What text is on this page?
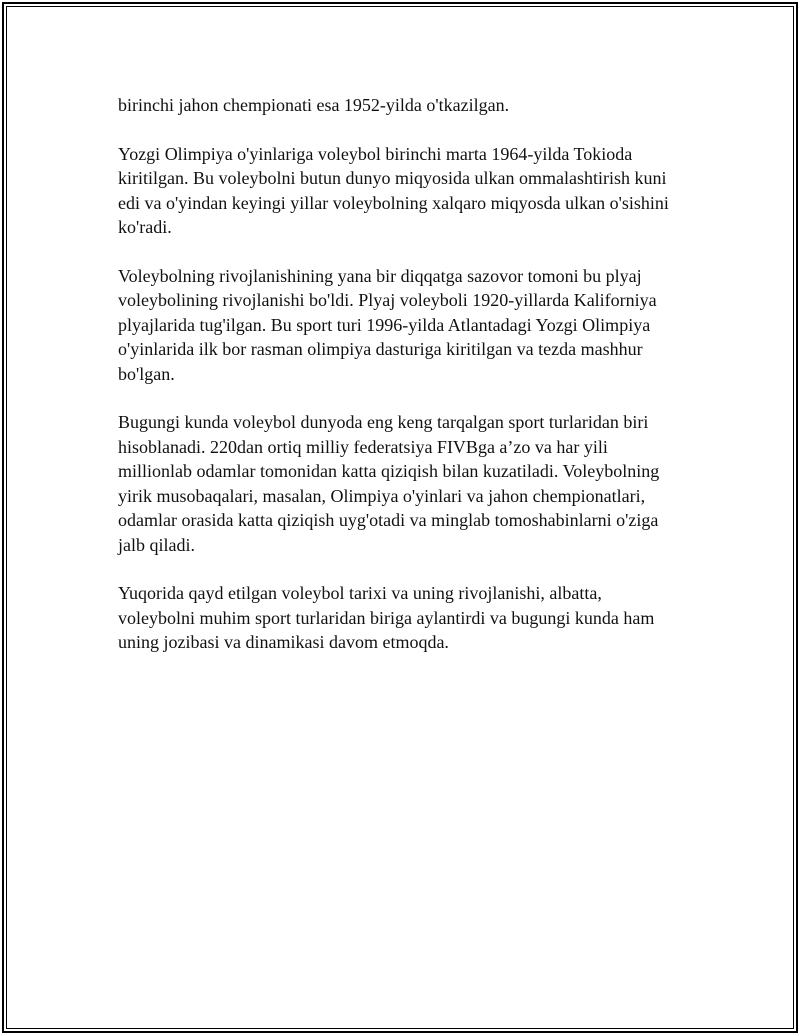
birinchi jahon chempionati esa 1952-yilda o'tkazilgan.

Yozgi Olimpiya o'yinlariga voleybol birinchi marta 1964-yilda Tokioda
kiritilgan. Bu voleybolni butun dunyo miqyosida ulkan ommalashtirish kuni
edi va o'yindan keyingi yillar voleybolning xalqaro miqyosda ulkan o'sishini
ko'radi.

Voleybolning rivojlanishining yana bir diqqatga sazovor tomoni bu plyaj
voleybolining rivojlanishi bo'ldi. Plyaj voleyboli 1920-yillarda Kaliforniya
plyajlarida tug'ilgan. Bu sport turi 1996-yilda Atlantadagi Yozgi Olimpiya
o'yinlarida ilk bor rasman olimpiya dasturiga kiritilgan va tezda mashhur
bo'lgan.

Bugungi kunda voleybol dunyoda eng keng tarqalgan sport turlaridan biri
hisoblanadi. 220dan ortiq milliy federatsiya FIVBga a’zo va har yili
millionlab odamlar tomonidan katta qiziqish bilan kuzatiladi. Voleybolning
yirik musobaqalari, masalan, Olimpiya o'yinlari va jahon chempionatlari,
odamlar orasida katta qiziqish uyg'otadi va minglab tomoshabinlarni o'ziga
jalb qiladi.

Yuqorida qayd etilgan voleybol tarixi va uning rivojlanishi, albatta,
voleybolni muhim sport turlaridan biriga aylantirdi va bugungi kunda ham
uning jozibasi va dinamikasi davom etmoqda.
